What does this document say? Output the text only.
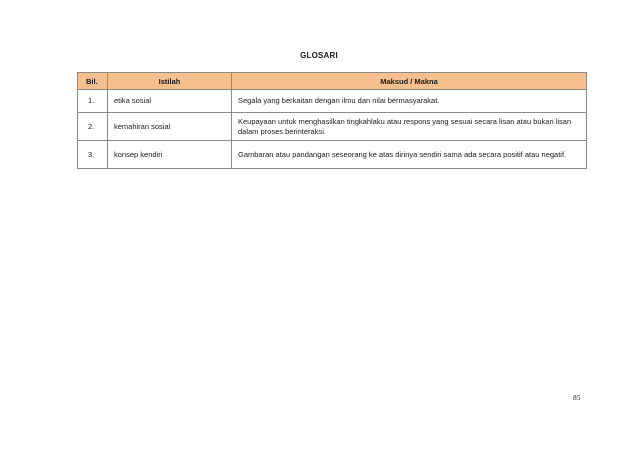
GLOSARI
Bil.	Istilah	Maksud / Makna
1.	etika sosial	Segala yang berkaitan dengan ilmu dan nilai bermasyarakat.
2.	kemahiran sosial	Keupayaan untuk menghasilkan tingkahlaku atau respons yang sesuai secara lisan atau bukan lisan dalam proses berinteraksi.
3.	konsep kendiri	Gambaran atau pandangan seseorang ke atas dirinya sendiri sama ada secara positif atau negatif.
85
